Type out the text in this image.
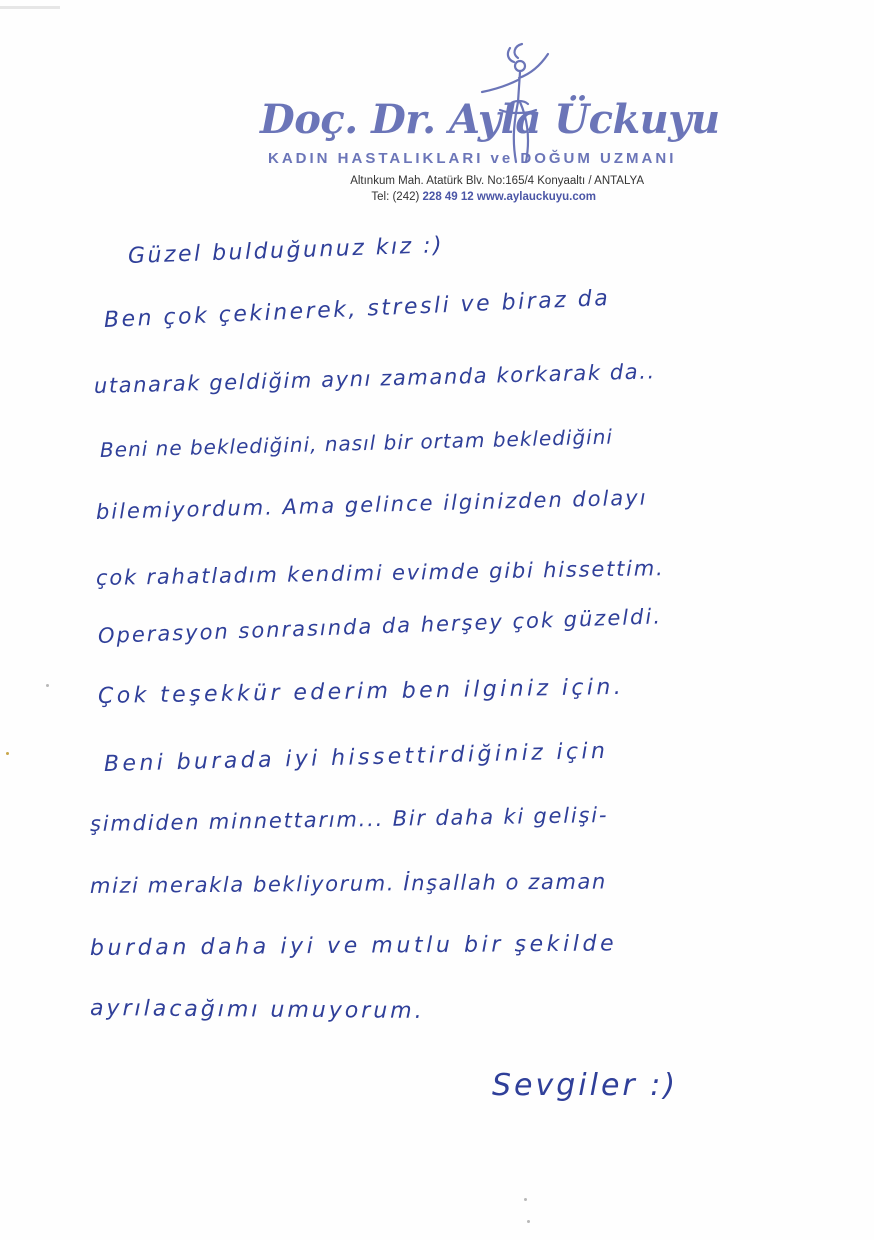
Doç. Dr. Ayla Ückuyu
KADIN HASTALIKLARI ve DOĞUM UZMANI
Altınkum Mah. Atatürk Blv. No:165/4 Konyaaltı / ANTALYA
Tel: (242) 228 49 12 www.aylauckuyu.com
Güzel bulduğunuz kız :)
Ben çok çekinerek, stresli ve biraz da
utanarak geldiğim aynı zamanda korkarak da..
Beni ne beklediğini, nasıl bir ortam beklediğini
bilemiyordum. Ama gelince ilginizden dolayı
çok rahatladım kendimi evimde gibi hissettim.
Operasyon sonrasında da herşey çok güzeldi.
Çok teşekkür ederim ben ilginiz için.
Beni burada iyi hissettirdiğiniz için
şimdiden minnettarım... Bir daha ki gelişi-
mizi merakla bekliyorum. İnşallah o zaman
burdan daha iyi ve mutlu bir şekilde
ayrılacağımı umuyorum.
Sevgiler :)
